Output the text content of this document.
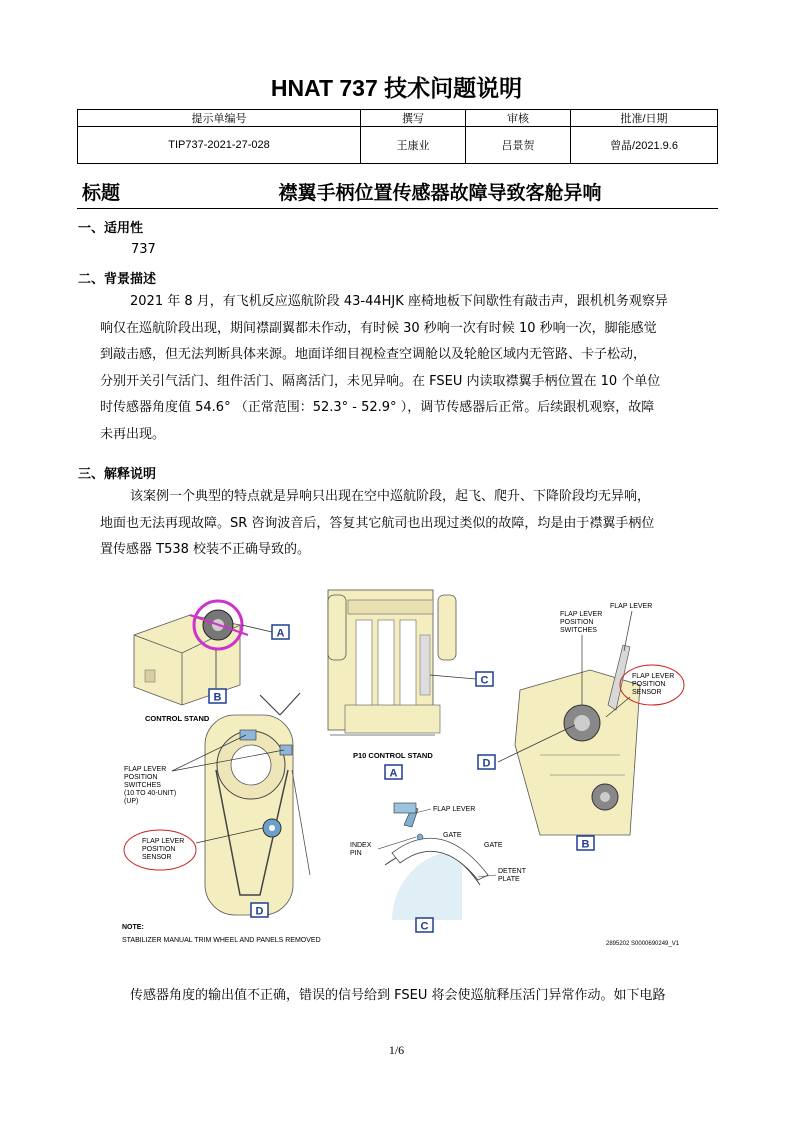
HNAT 737 技术问题说明
提示单编号	撰写	审核	批准/日期
TIP737-2021-27-028	王康业	吕景贺	曾晶/2021.9.6
标题	襟翼手柄位置传感器故障导致客舱异响
一、适用性
737
二、背景描述
2021 年 8 月，有飞机反应巡航阶段 43-44HJK 座椅地板下间歇性有敲击声，跟机机务观察异
响仅在巡航阶段出现，期间襟副翼都未作动，有时候 30 秒响一次有时候 10 秒响一次，脚能感觉
到敲击感，但无法判断具体来源。地面详细目视检查空调舱以及轮舱区域内无管路、卡子松动，
分别开关引气活门、组件活门、隔离活门，未见异响。在 FSEU 内读取襟翼手柄位置在 10 个单位
时传感器角度值 54.6° （正常范围：52.3° - 52.9° ），调节传感器后正常。后续跟机观察，故障
未再出现。
三、解释说明
该案例一个典型的特点就是异响只出现在空中巡航阶段，起飞、爬升、下降阶段均无异响，
地面也无法再现故障。SR 咨询波音后，答复其它航司也出现过类似的故障，均是由于襟翼手柄位
置传感器 T538 校装不正确导致的。
A
B
CONTROL STAND
C
P10 CONTROL STAND
A
FLAP LEVER
POSITION
SWITCHES
FLAP LEVER
FLAP LEVER
POSITION
SENSOR
D
B
FLAP LEVER
POSITION
SWITCHES
(10 TO 40-UNIT)
(UP)
FLAP LEVER
POSITION
SENSOR
D
FLAP LEVER
GATE
GATE
INDEX
PIN
DETENT
PLATE
C
NOTE:
STABILIZER MANUAL TRIM WHEEL AND PANELS REMOVED	2895202 S0000690249_V1
传感器角度的输出值不正确，错误的信号给到 FSEU 将会使巡航释压活门异常作动。如下电路
1/6
